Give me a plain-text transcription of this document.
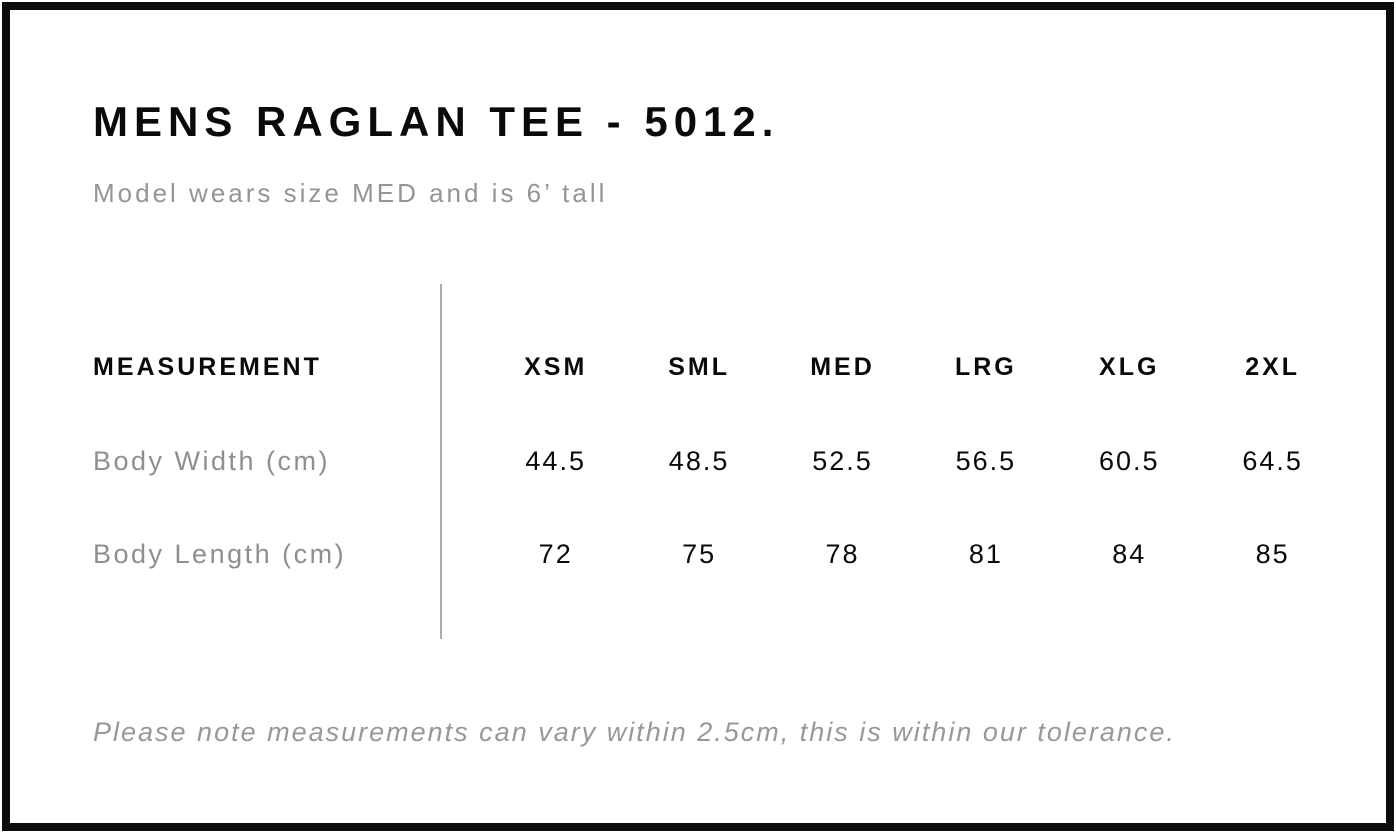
MENS RAGLAN TEE - 5012.

Model wears size MED and is 6’ tall

MEASUREMENT	XSM	SML	MED	LRG	XLG	2XL
Body Width (cm)	44.5	48.5	52.5	56.5	60.5	64.5
Body Length (cm)	72	75	78	81	84	85

Please note measurements can vary within 2.5cm, this is within our tolerance.
